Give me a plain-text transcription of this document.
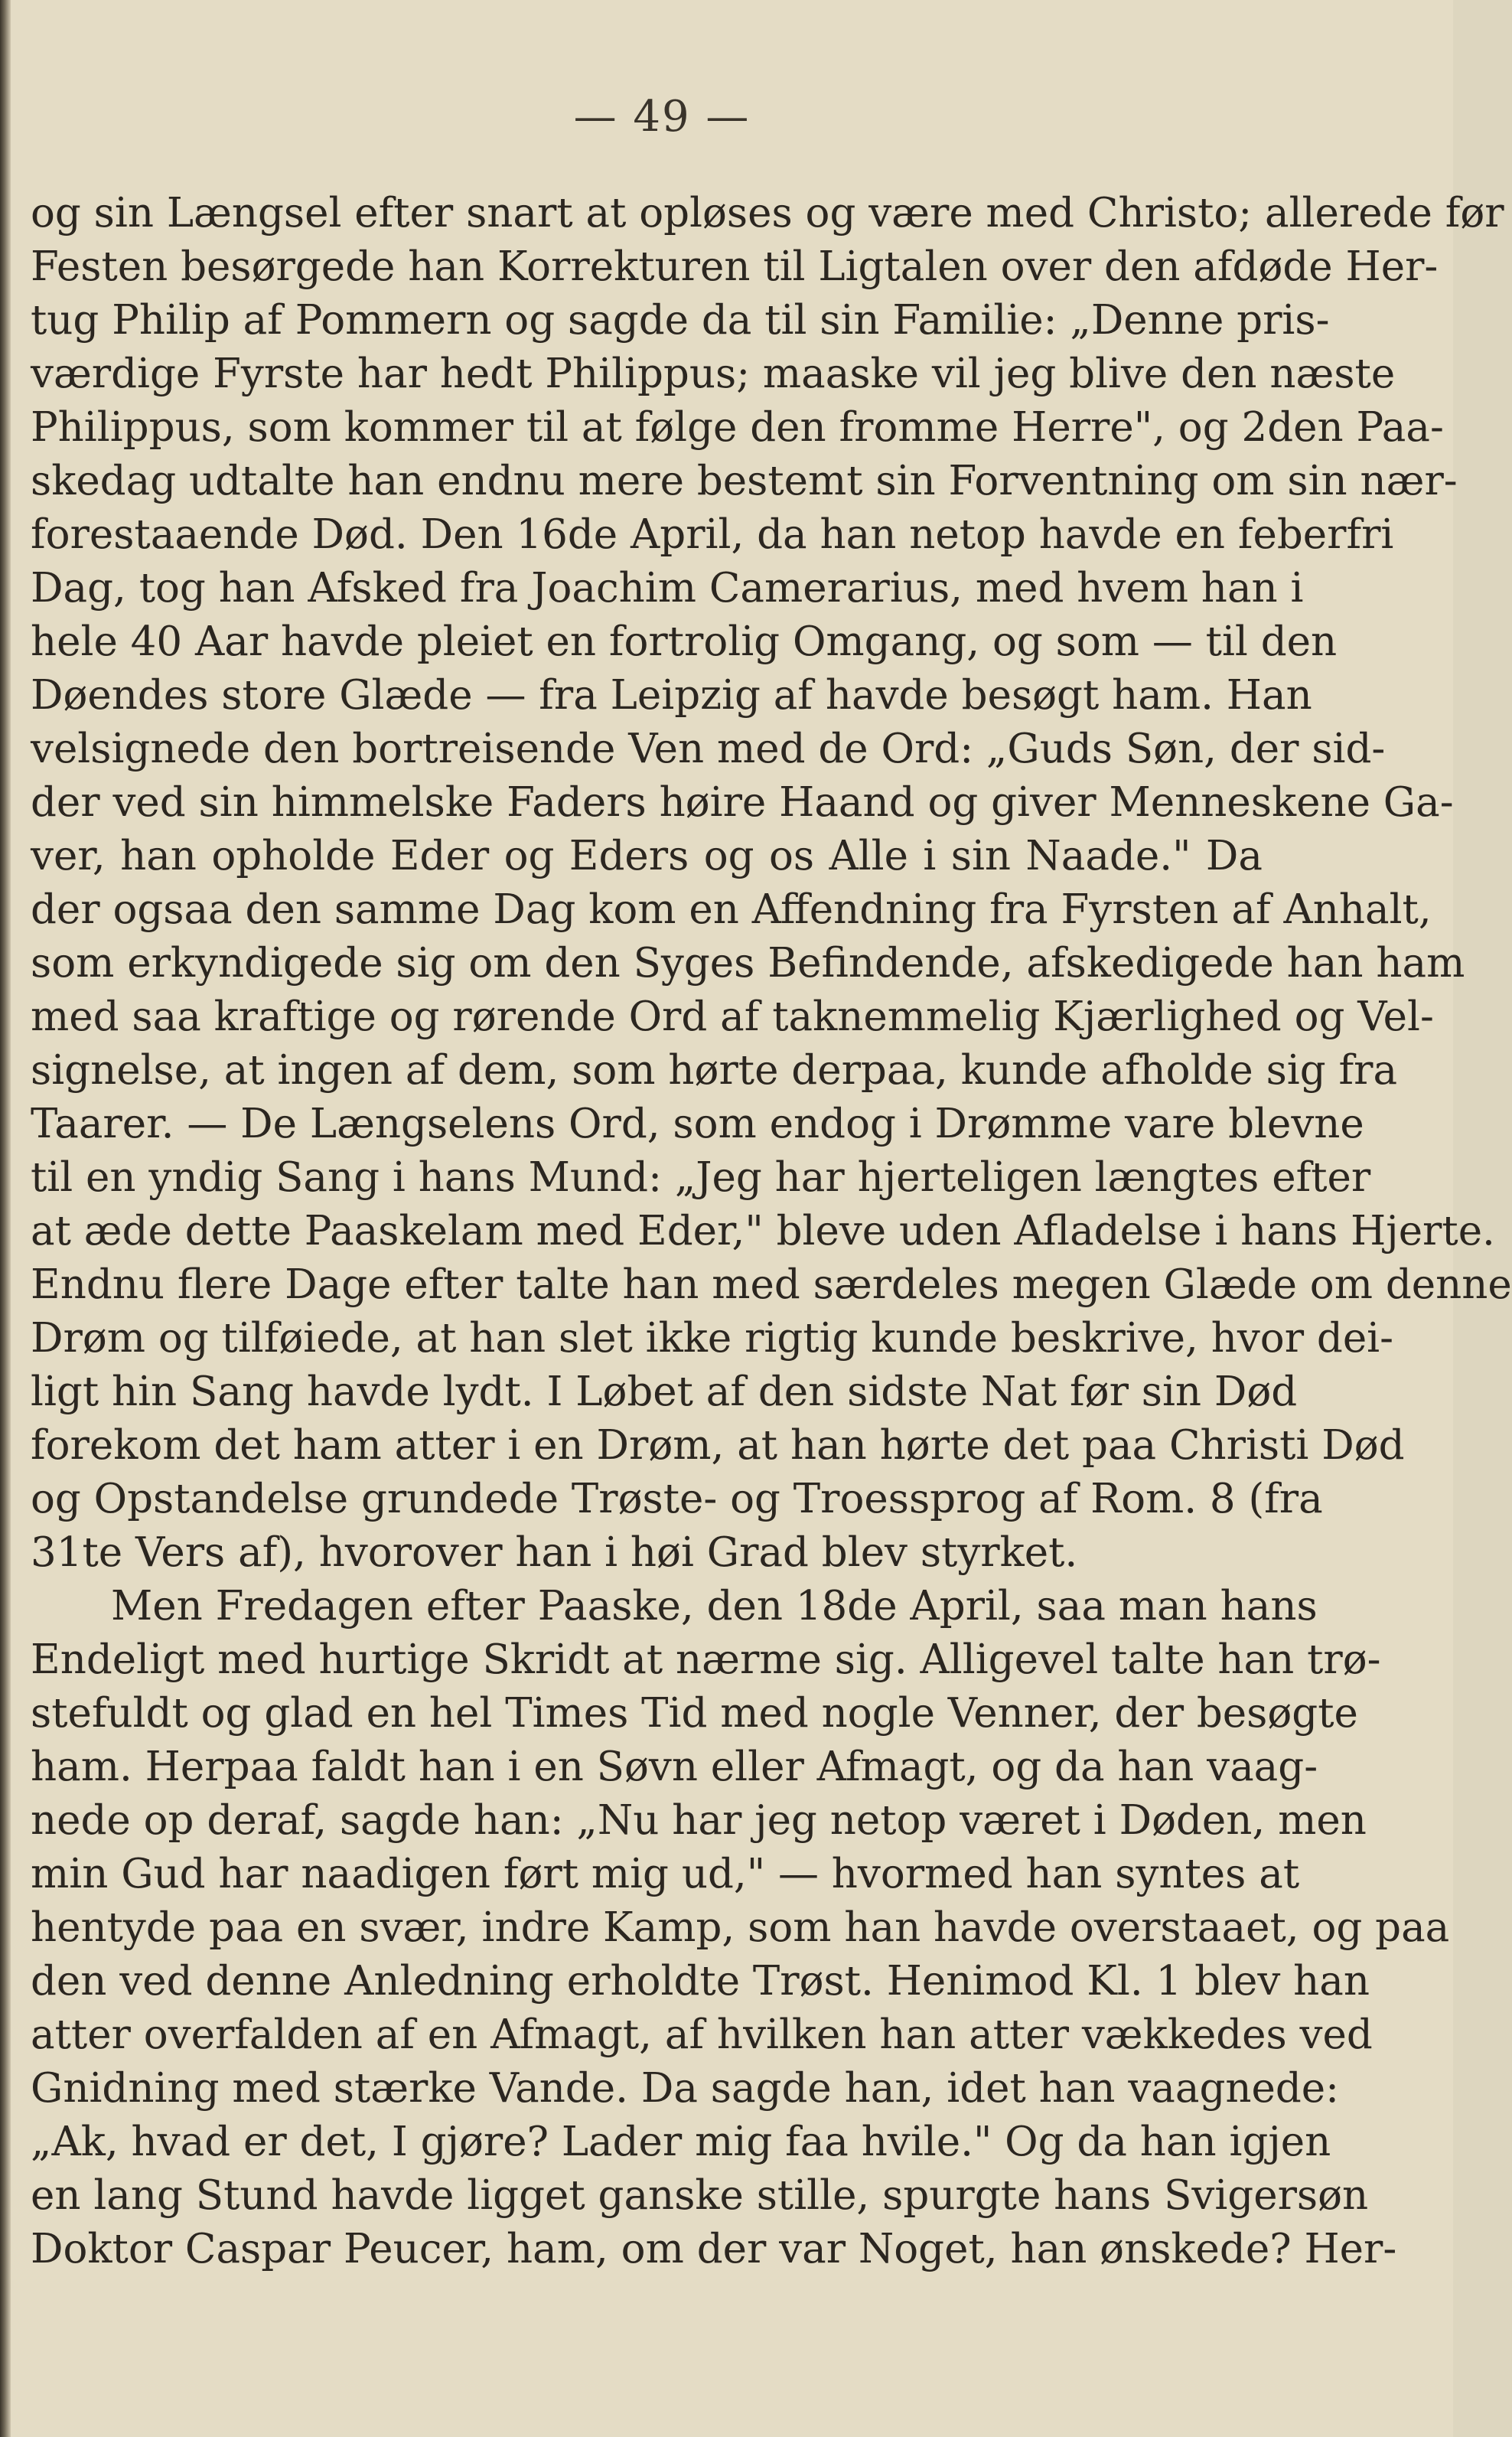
— 49 —
og sin Længsel efter snart at opløses og være med Christo; allerede før
Festen besørgede han Korrekturen til Ligtalen over den afdøde Her-
tug Philip af Pommern og sagde da til sin Familie: „Denne pris-
værdige Fyrste har hedt Philippus; maaske vil jeg blive den næste
Philippus, som kommer til at følge den fromme Herre", og 2den Paa-
skedag udtalte han endnu mere bestemt sin Forventning om sin nær-
forestaaende Død. Den 16de April, da han netop havde en feberfri
Dag, tog han Afsked fra Joachim Camerarius, med hvem han i
hele 40 Aar havde pleiet en fortrolig Omgang, og som — til den
Døendes store Glæde — fra Leipzig af havde besøgt ham. Han
velsignede den bortreisende Ven med de Ord: „Guds Søn, der sid-
der ved sin himmelske Faders høire Haand og giver Menneskene Ga-
ver, han opholde Eder og Eders og os Alle i sin Naade." Da
der ogsaa den samme Dag kom en Affendning fra Fyrsten af Anhalt,
som erkyndigede sig om den Syges Befindende, afskedigede han ham
med saa kraftige og rørende Ord af taknemmelig Kjærlighed og Vel-
signelse, at ingen af dem, som hørte derpaa, kunde afholde sig fra
Taarer. — De Længselens Ord, som endog i Drømme vare blevne
til en yndig Sang i hans Mund: „Jeg har hjerteligen længtes efter
at æde dette Paaskelam med Eder," bleve uden Afladelse i hans Hjerte.
Endnu flere Dage efter talte han med særdeles megen Glæde om denne
Drøm og tilføiede, at han slet ikke rigtig kunde beskrive, hvor dei-
ligt hin Sang havde lydt. I Løbet af den sidste Nat før sin Død
forekom det ham atter i en Drøm, at han hørte det paa Christi Død
og Opstandelse grundede Trøste- og Troessprog af Rom. 8 (fra
31te Vers af), hvorover han i høi Grad blev styrket.
Men Fredagen efter Paaske, den 18de April, saa man hans
Endeligt med hurtige Skridt at nærme sig. Alligevel talte han trø-
stefuldt og glad en hel Times Tid med nogle Venner, der besøgte
ham. Herpaa faldt han i en Søvn eller Afmagt, og da han vaag-
nede op deraf, sagde han: „Nu har jeg netop været i Døden, men
min Gud har naadigen ført mig ud," — hvormed han syntes at
hentyde paa en svær, indre Kamp, som han havde overstaaet, og paa
den ved denne Anledning erholdte Trøst. Henimod Kl. 1 blev han
atter overfalden af en Afmagt, af hvilken han atter vækkedes ved
Gnidning med stærke Vande. Da sagde han, idet han vaagnede:
„Ak, hvad er det, I gjøre? Lader mig faa hvile." Og da han igjen
en lang Stund havde ligget ganske stille, spurgte hans Svigersøn
Doktor Caspar Peucer, ham, om der var Noget, han ønskede? Her-
